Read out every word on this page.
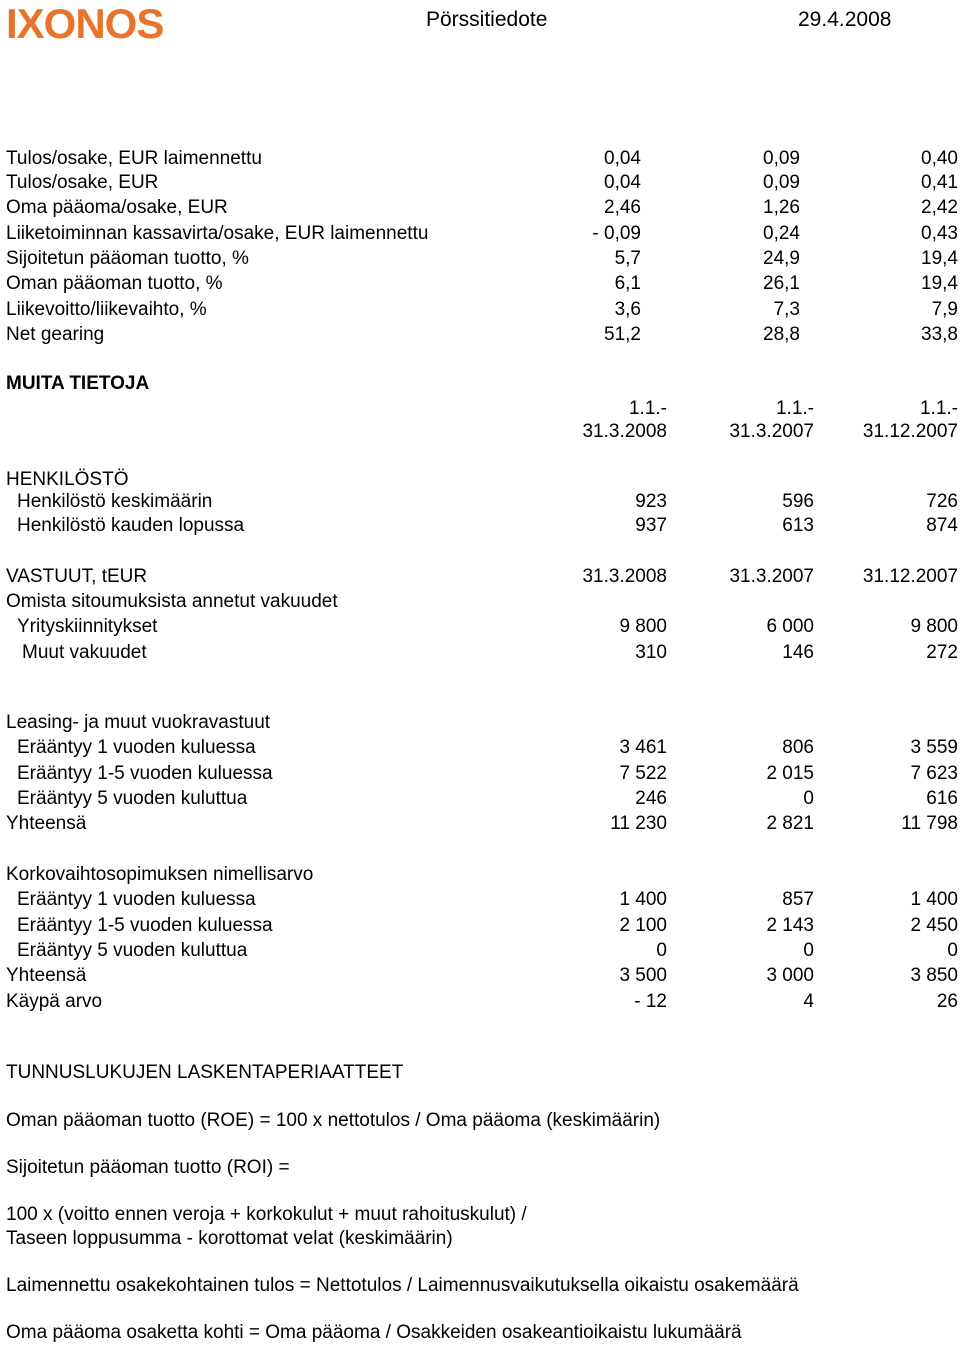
IXONOS	Pörssitiedote	29.4.2008
Tulos/osake, EUR laimennettu	0,04	0,09	0,40
Tulos/osake, EUR	0,04	0,09	0,41
Oma pääoma/osake, EUR	2,46	1,26	2,42
Liiketoiminnan kassavirta/osake, EUR laimennettu	- 0,09	0,24	0,43
Sijoitetun pääoman tuotto, %	5,7	24,9	19,4
Oman pääoman tuotto, %	6,1	26,1	19,4
Liikevoitto/liikevaihto, %	3,6	7,3	7,9
Net gearing	51,2	28,8	33,8
MUITA TIETOJA
1.1.-	1.1.-	1.1.-
31.3.2008	31.3.2007	31.12.2007
HENKILÖSTÖ
Henkilöstö keskimäärin	923	596	726
Henkilöstö kauden lopussa	937	613	874
VASTUUT, tEUR	31.3.2008	31.3.2007	31.12.2007
Omista sitoumuksista annetut vakuudet
Yrityskiinnitykset	9 800	6 000	9 800
Muut vakuudet	310	146	272
Leasing- ja muut vuokravastuut
Erääntyy 1 vuoden kuluessa	3 461	806	3 559
Erääntyy 1-5 vuoden kuluessa	7 522	2 015	7 623
Erääntyy 5 vuoden kuluttua	246	0	616
Yhteensä	11 230	2 821	11 798
Korkovaihtosopimuksen nimellisarvo
Erääntyy 1 vuoden kuluessa	1 400	857	1 400
Erääntyy 1-5 vuoden kuluessa	2 100	2 143	2 450
Erääntyy 5 vuoden kuluttua	0	0	0
Yhteensä	3 500	3 000	3 850
Käypä arvo	- 12	4	26
TUNNUSLUKUJEN LASKENTAPERIAATTEET
Oman pääoman tuotto (ROE) = 100 x nettotulos / Oma pääoma (keskimäärin)
Sijoitetun pääoman tuotto (ROI) =
100 x (voitto ennen veroja + korkokulut + muut rahoituskulut) /
Taseen loppusumma - korottomat velat (keskimäärin)
Laimennettu osakekohtainen tulos = Nettotulos / Laimennusvaikutuksella oikaistu osakemäärä
Oma pääoma osaketta kohti = Oma pääoma / Osakkeiden osakeantioikaistu lukumäärä
